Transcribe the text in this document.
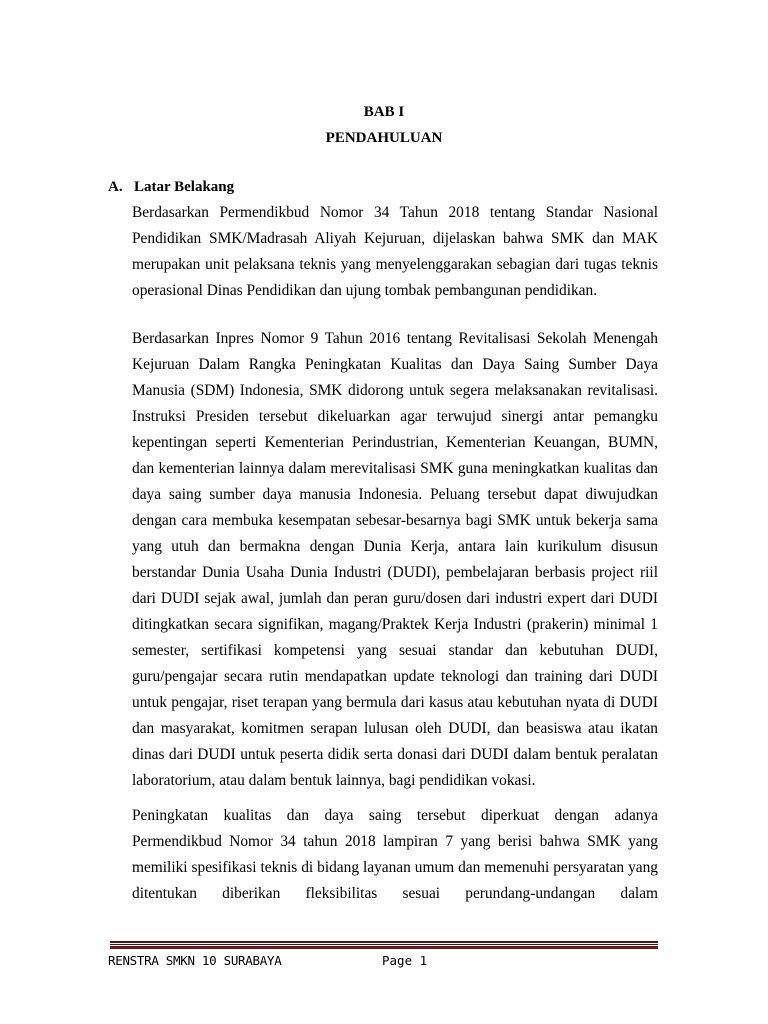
BAB I
PENDAHULUAN
A. Latar Belakang

Berdasarkan Permendikbud Nomor 34 Tahun 2018 tentang Standar Nasional Pendidikan SMK/Madrasah Aliyah Kejuruan, dijelaskan bahwa SMK dan MAK merupakan unit pelaksana teknis yang menyelenggarakan sebagian dari tugas teknis operasional Dinas Pendidikan dan ujung tombak pembangunan pendidikan.

Berdasarkan Inpres Nomor 9 Tahun 2016 tentang Revitalisasi Sekolah Menengah Kejuruan Dalam Rangka Peningkatan Kualitas dan Daya Saing Sumber Daya Manusia (SDM) Indonesia, SMK didorong untuk segera melaksanakan revitalisasi. Instruksi Presiden tersebut dikeluarkan agar terwujud sinergi antar pemangku kepentingan seperti Kementerian Perindustrian, Kementerian Keuangan, BUMN, dan kementerian lainnya dalam merevitalisasi SMK guna meningkatkan kualitas dan daya saing sumber daya manusia Indonesia. Peluang tersebut dapat diwujudkan dengan cara membuka kesempatan sebesar-besarnya bagi SMK untuk bekerja sama yang utuh dan bermakna dengan Dunia Kerja, antara lain kurikulum disusun berstandar Dunia Usaha Dunia Industri (DUDI), pembelajaran berbasis project riil dari DUDI sejak awal, jumlah dan peran guru/dosen dari industri expert dari DUDI ditingkatkan secara signifikan, magang/Praktek Kerja Industri (prakerin) minimal 1 semester, sertifikasi kompetensi yang sesuai standar dan kebutuhan DUDI, guru/pengajar secara rutin mendapatkan update teknologi dan training dari DUDI untuk pengajar, riset terapan yang bermula dari kasus atau kebutuhan nyata di DUDI dan masyarakat, komitmen serapan lulusan oleh DUDI, dan beasiswa atau ikatan dinas dari DUDI untuk peserta didik serta donasi dari DUDI dalam bentuk peralatan laboratorium, atau dalam bentuk lainnya, bagi pendidikan vokasi.

Peningkatan kualitas dan daya saing tersebut diperkuat dengan adanya Permendikbud Nomor 34 tahun 2018 lampiran 7 yang berisi bahwa SMK yang memiliki spesifikasi teknis di bidang layanan umum dan memenuhi persyaratan yang ditentukan diberikan fleksibilitas sesuai perundang-undangan dalam

RENSTRA SMKN 10 SURABAYA	Page 1
